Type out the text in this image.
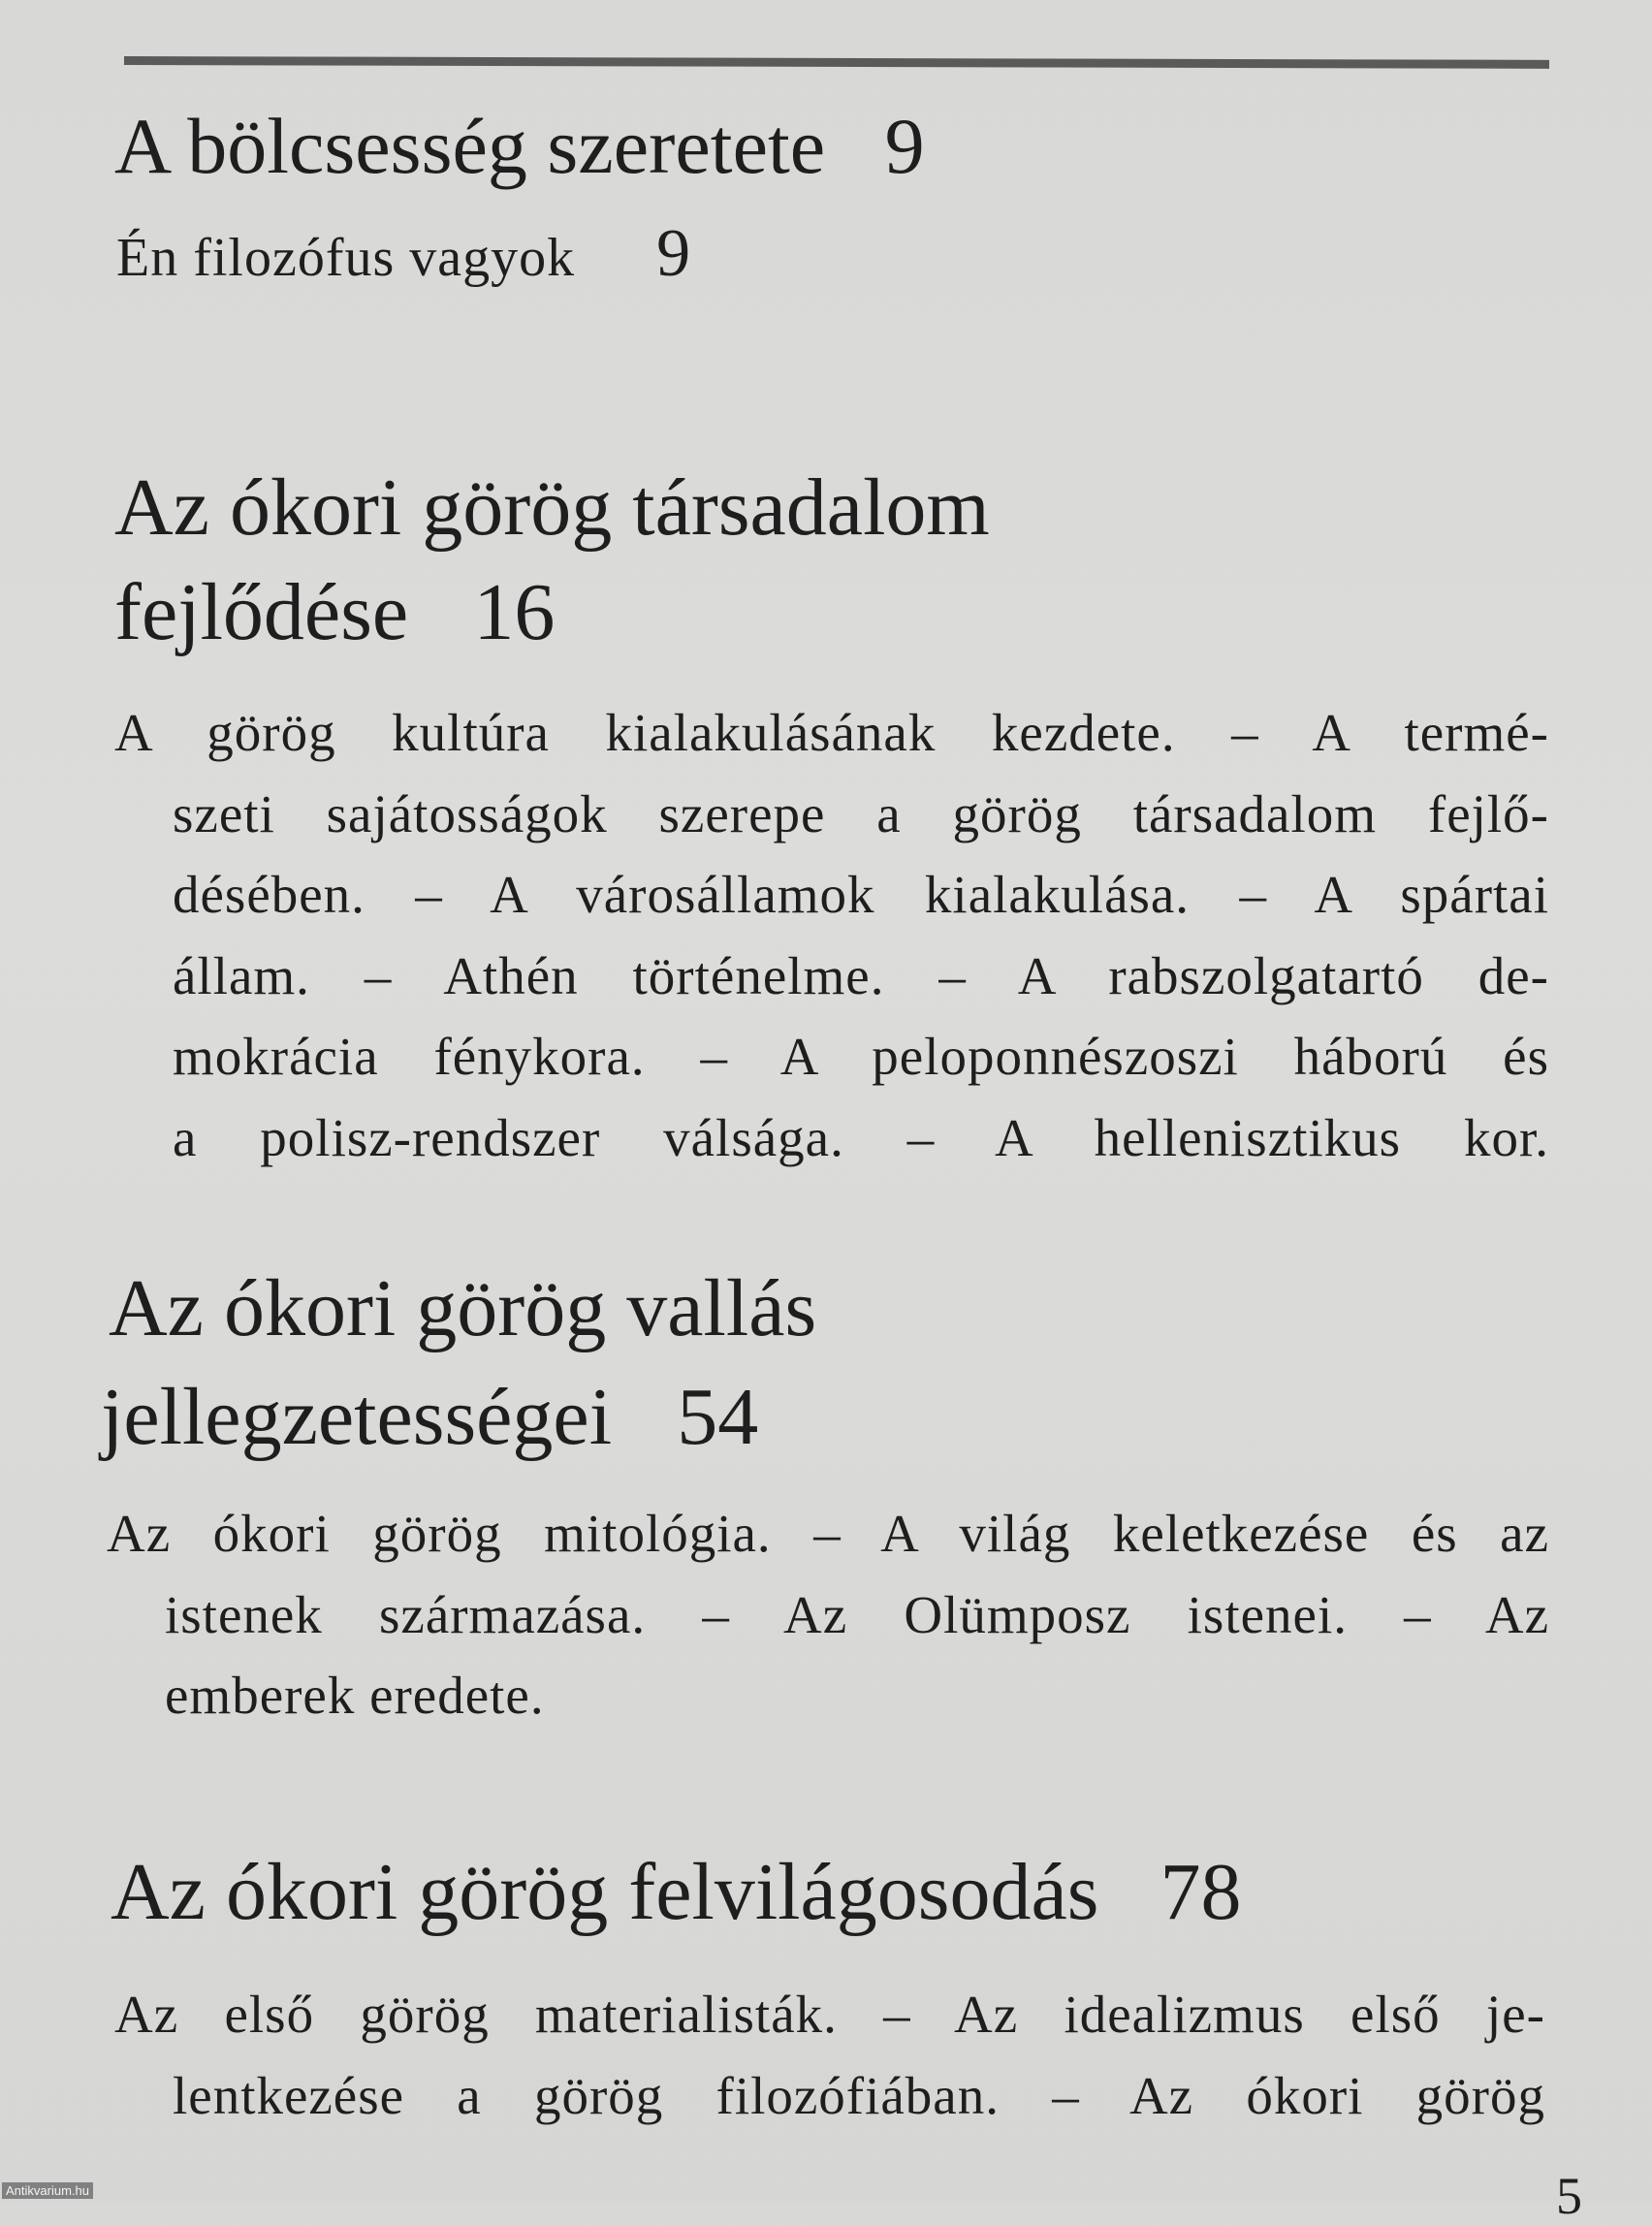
A bölcsesség szeretete 9
Én filozófus vagyok 9
Az ókori görög társadalom
fejlődése 16
A görög kultúra kialakulásának kezdete. – A termé-
szeti sajátosságok szerepe a görög társadalom fejlő-
désében. – A városállamok kialakulása. – A spártai
állam. – Athén történelme. – A rabszolgatartó de-
mokrácia fénykora. – A peloponnészoszi háború és
a polisz-rendszer válsága. – A hellenisztikus kor.
Az ókori görög vallás
jellegzetességei 54
Az ókori görög mitológia. – A világ keletkezése és az
istenek származása. – Az Olümposz istenei. – Az
emberek eredete.
Az ókori görög felvilágosodás 78
Az első görög materialisták. – Az idealizmus első je-
lentkezése a görög filozófiában. – Az ókori görög
5
Antikvarium.hu
